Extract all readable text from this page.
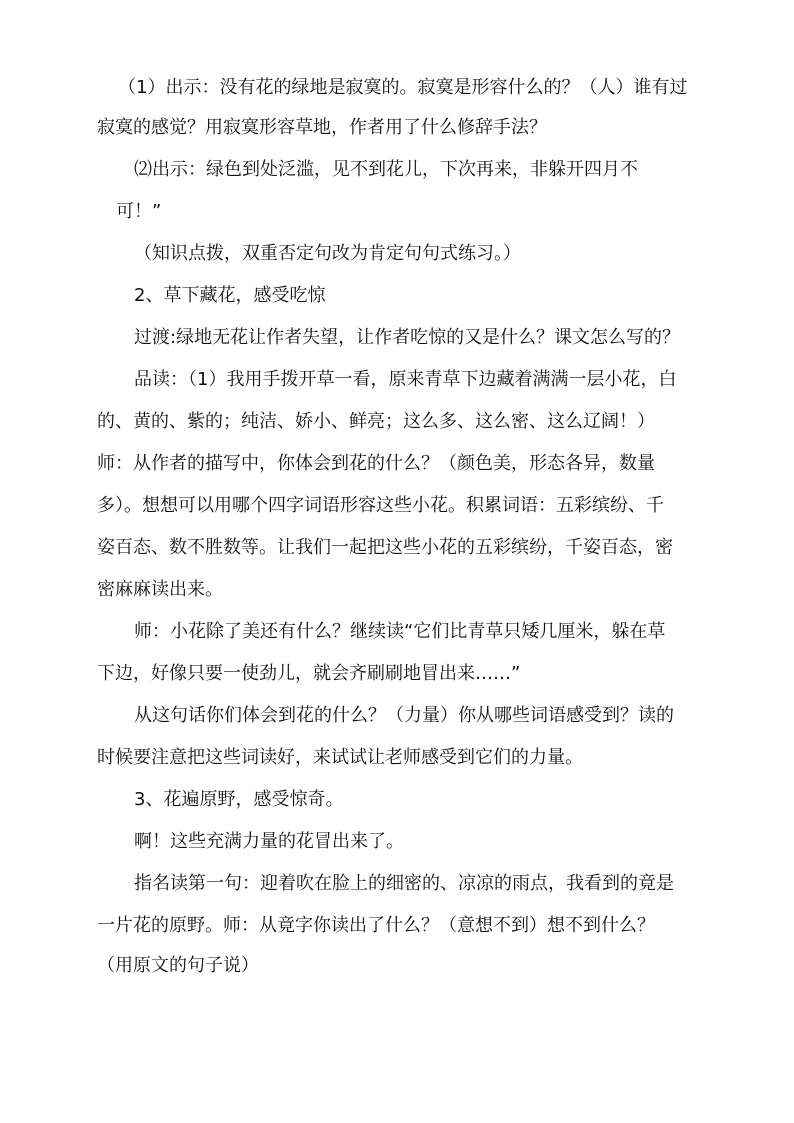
（1）出示：没有花的绿地是寂寞的。寂寞是形容什么的？（人）谁有过

寂寞的感觉？用寂寞形容草地，作者用了什么修辞手法？

⑵出示：绿色到处泛滥，见不到花儿，下次再来，非躲开四月不

可！”

（知识点拨，双重否定句改为肯定句句式练习。）

2、草下藏花，感受吃惊

过渡:绿地无花让作者失望，让作者吃惊的又是什么？课文怎么写的？

品读：（1）我用手拨开草一看，原来青草下边藏着满满一层小花，白

的、黄的、紫的；纯洁、娇小、鲜亮；这么多、这么密、这么辽阔！）

师：从作者的描写中，你体会到花的什么？（颜色美，形态各异，数量

多）。想想可以用哪个四字词语形容这些小花。积累词语：五彩缤纷、千

姿百态、数不胜数等。让我们一起把这些小花的五彩缤纷，千姿百态，密

密麻麻读出来。

师：小花除了美还有什么？继续读“它们比青草只矮几厘米，躲在草

下边，好像只要一使劲儿，就会齐刷刷地冒出来……”

从这句话你们体会到花的什么？（力量）你从哪些词语感受到？读的

时候要注意把这些词读好，来试试让老师感受到它们的力量。

3、花遍原野，感受惊奇。

啊！这些充满力量的花冒出来了。

指名读第一句：迎着吹在脸上的细密的、凉凉的雨点，我看到的竟是

一片花的原野。师：从竟字你读出了什么？（意想不到）想不到什么？

（用原文的句子说）
